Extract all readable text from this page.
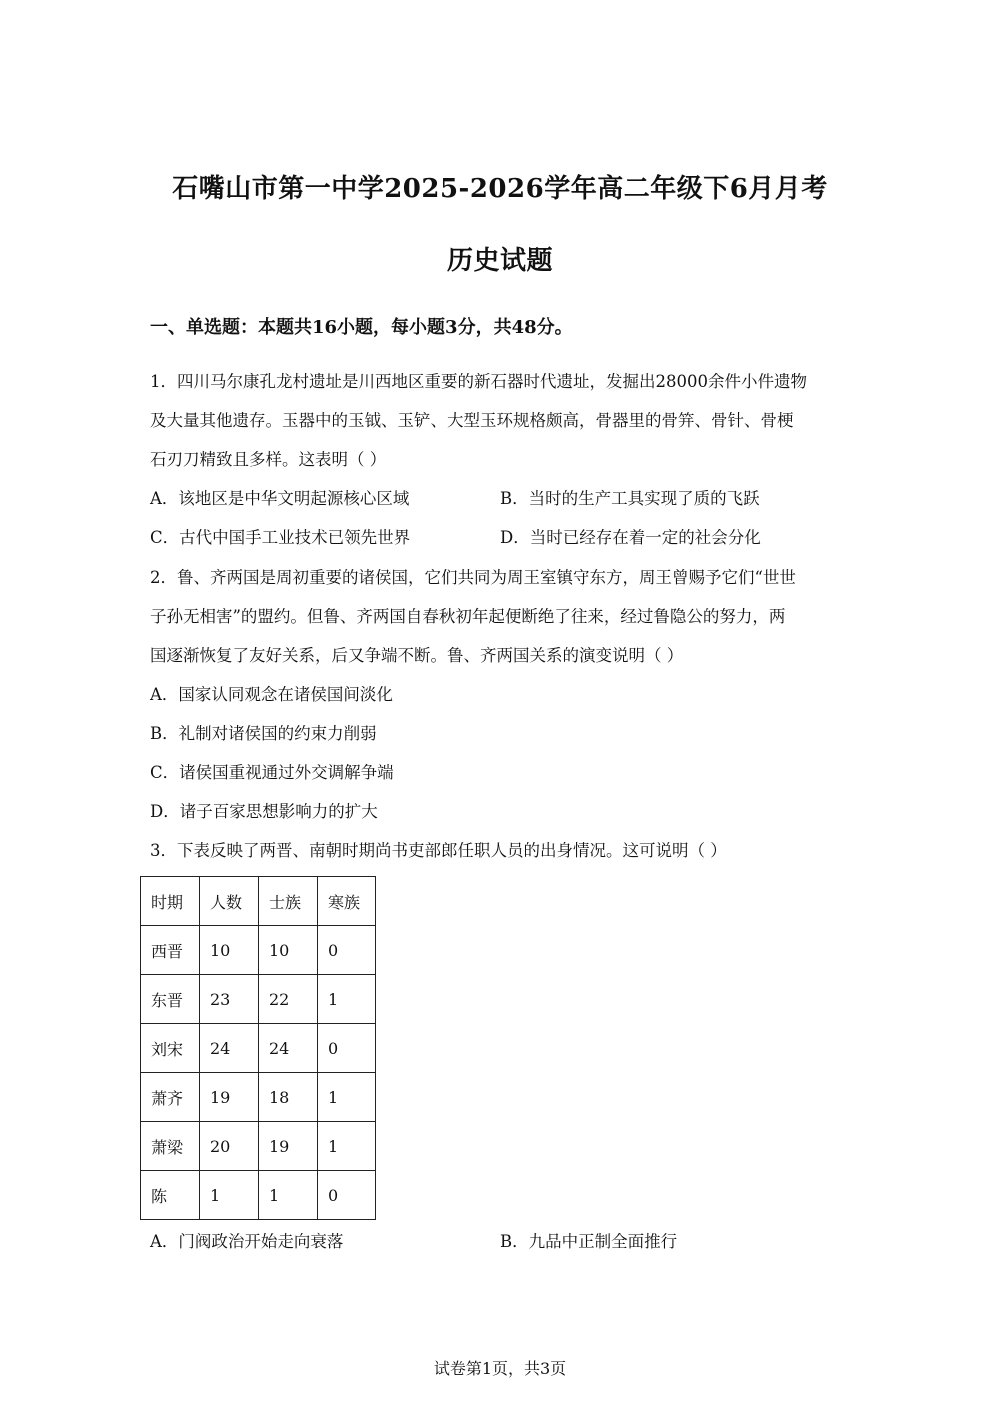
石嘴山市第一中学2025-2026学年高二年级下6月月考
历史试题
一、单选题：本题共16小题，每小题3分，共48分。
1．四川马尔康孔龙村遗址是川西地区重要的新石器时代遗址，发掘出28000余件小件遗物
及大量其他遗存。玉器中的玉钺、玉铲、大型玉环规格颇高，骨器里的骨笄、骨针、骨梗
石刃刀精致且多样。这表明（ ）
A．该地区是中华文明起源核心区域	B．当时的生产工具实现了质的飞跃
C．古代中国手工业技术已领先世界	D．当时已经存在着一定的社会分化
2．鲁、齐两国是周初重要的诸侯国，它们共同为周王室镇守东方，周王曾赐予它们“世世
子孙无相害”的盟约。但鲁、齐两国自春秋初年起便断绝了往来，经过鲁隐公的努力，两
国逐渐恢复了友好关系，后又争端不断。鲁、齐两国关系的演变说明（ ）
A．国家认同观念在诸侯国间淡化
B．礼制对诸侯国的约束力削弱
C．诸侯国重视通过外交调解争端
D．诸子百家思想影响力的扩大
3．下表反映了两晋、南朝时期尚书吏部郎任职人员的出身情况。这可说明（ ）
时期	人数	士族	寒族
西晋	10	10	0
东晋	23	22	1
刘宋	24	24	0
萧齐	19	18	1
萧梁	20	19	1
陈	1	1	0
A．门阀政治开始走向衰落	B．九品中正制全面推行
试卷第1页，共3页
